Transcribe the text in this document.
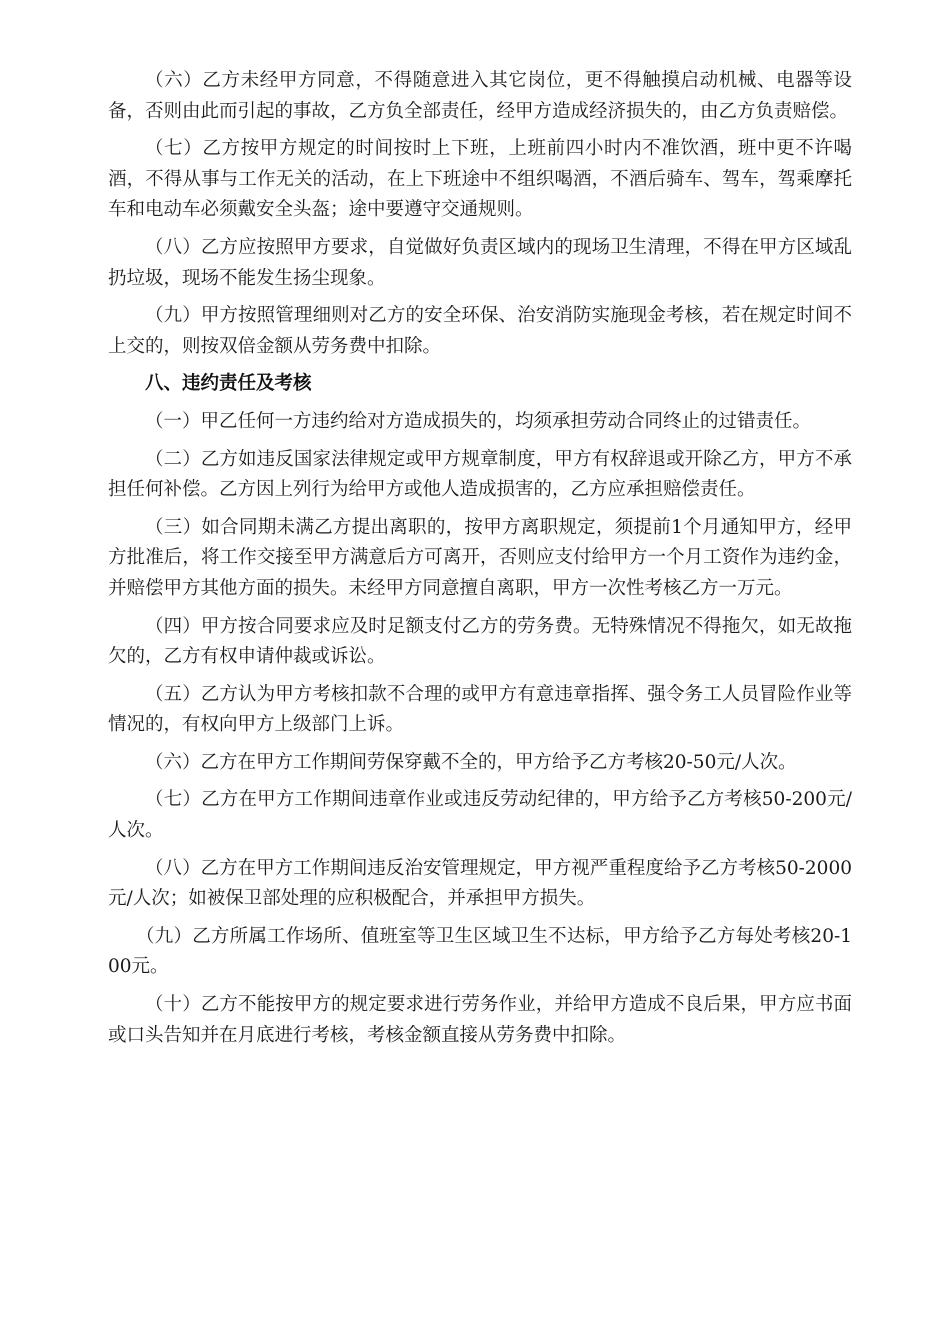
（六）乙方未经甲方同意，不得随意进入其它岗位，更不得触摸启动机械、电器等设备，否则由此而引起的事故，乙方负全部责任，经甲方造成经济损失的，由乙方负责赔偿。

（七）乙方按甲方规定的时间按时上下班，上班前四小时内不准饮酒，班中更不许喝酒，不得从事与工作无关的活动，在上下班途中不组织喝酒，不酒后骑车、驾车，驾乘摩托车和电动车必须戴安全头盔；途中要遵守交通规则。

（八）乙方应按照甲方要求，自觉做好负责区域内的现场卫生清理，不得在甲方区域乱扔垃圾，现场不能发生扬尘现象。

（九）甲方按照管理细则对乙方的安全环保、治安消防实施现金考核，若在规定时间不上交的，则按双倍金额从劳务费中扣除。

八、违约责任及考核

（一）甲乙任何一方违约给对方造成损失的，均须承担劳动合同终止的过错责任。

（二）乙方如违反国家法律规定或甲方规章制度，甲方有权辞退或开除乙方，甲方不承担任何补偿。乙方因上列行为给甲方或他人造成损害的，乙方应承担赔偿责任。

（三）如合同期未满乙方提出离职的，按甲方离职规定，须提前1个月通知甲方，经甲方批准后，将工作交接至甲方满意后方可离开，否则应支付给甲方一个月工资作为违约金，并赔偿甲方其他方面的损失。未经甲方同意擅自离职，甲方一次性考核乙方一万元。

（四）甲方按合同要求应及时足额支付乙方的劳务费。无特殊情况不得拖欠，如无故拖欠的，乙方有权申请仲裁或诉讼。

（五）乙方认为甲方考核扣款不合理的或甲方有意违章指挥、强令务工人员冒险作业等情况的，有权向甲方上级部门上诉。

（六）乙方在甲方工作期间劳保穿戴不全的，甲方给予乙方考核20-50元/人次。

（七）乙方在甲方工作期间违章作业或违反劳动纪律的，甲方给予乙方考核50-200元/人次。

（八）乙方在甲方工作期间违反治安管理规定，甲方视严重程度给予乙方考核50-2000元/人次；如被保卫部处理的应积极配合，并承担甲方损失。

（九）乙方所属工作场所、值班室等卫生区域卫生不达标，甲方给予乙方每处考核20-100元。

（十）乙方不能按甲方的规定要求进行劳务作业，并给甲方造成不良后果，甲方应书面或口头告知并在月底进行考核，考核金额直接从劳务费中扣除。
